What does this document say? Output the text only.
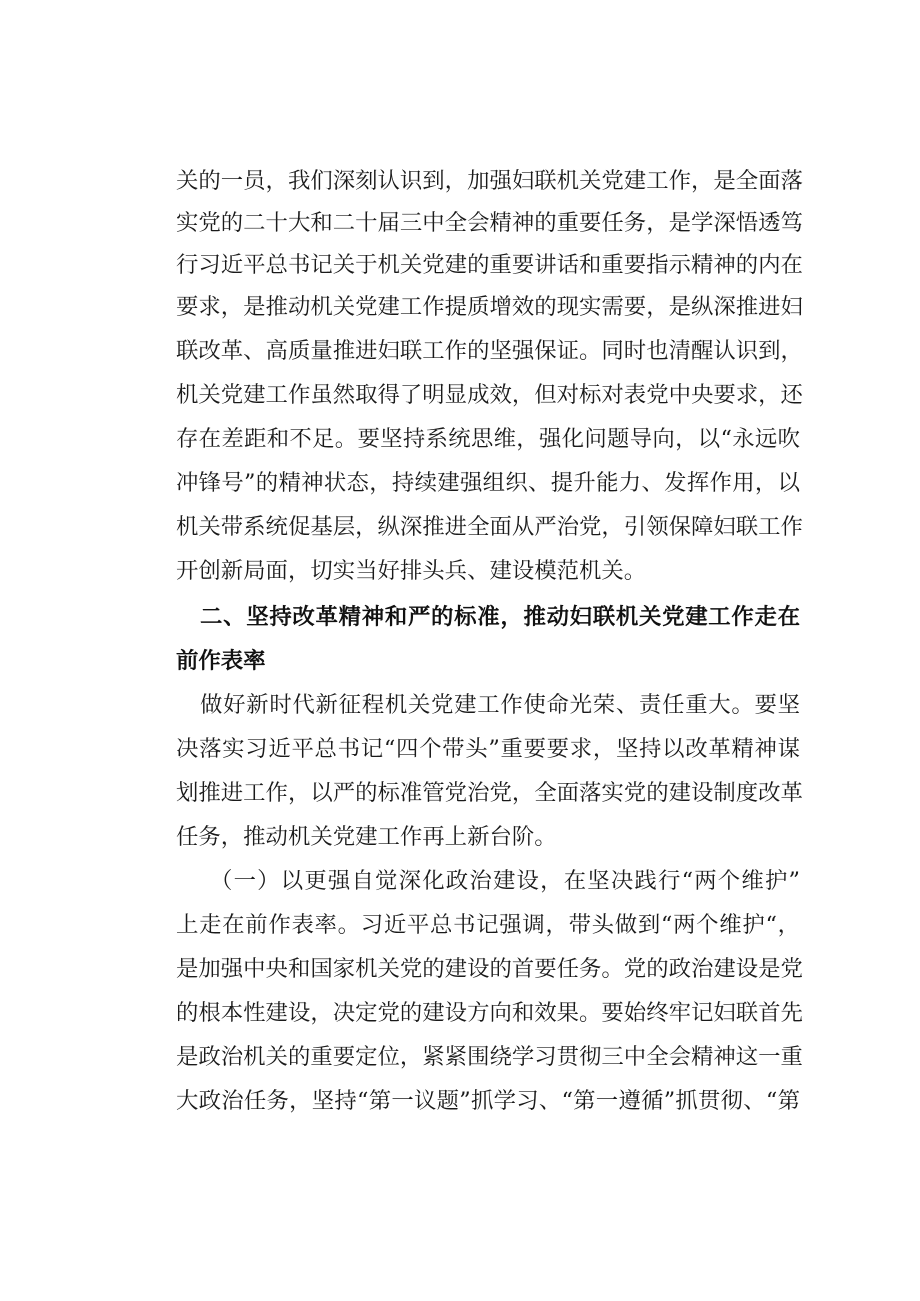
关的一员，我们深刻认识到，加强妇联机关党建工作，是全面落
实党的二十大和二十届三中全会精神的重要任务，是学深悟透笃
行习近平总书记关于机关党建的重要讲话和重要指示精神的内在
要求，是推动机关党建工作提质增效的现实需要，是纵深推进妇
联改革、高质量推进妇联工作的坚强保证。同时也清醒认识到，
机关党建工作虽然取得了明显成效，但对标对表党中央要求，还
存在差距和不足。要坚持系统思维，强化问题导向，以“永远吹
冲锋号”的精神状态，持续建强组织、提升能力、发挥作用，以
机关带系统促基层，纵深推进全面从严治党，引领保障妇联工作
开创新局面，切实当好排头兵、建设模范机关。
二、坚持改革精神和严的标准，推动妇联机关党建工作走在
前作表率
做好新时代新征程机关党建工作使命光荣、责任重大。要坚
决落实习近平总书记“四个带头”重要要求，坚持以改革精神谋
划推进工作，以严的标准管党治党，全面落实党的建设制度改革
任务，推动机关党建工作再上新台阶。
（一）以更强自觉深化政治建设，在坚决践行“两个维护”
上走在前作表率。习近平总书记强调，带头做到“两个维护“，
是加强中央和国家机关党的建设的首要任务。党的政治建设是党
的根本性建设，决定党的建设方向和效果。要始终牢记妇联首先
是政治机关的重要定位，紧紧围绕学习贯彻三中全会精神这一重
大政治任务，坚持“第一议题”抓学习、“第一遵循”抓贯彻、“第
